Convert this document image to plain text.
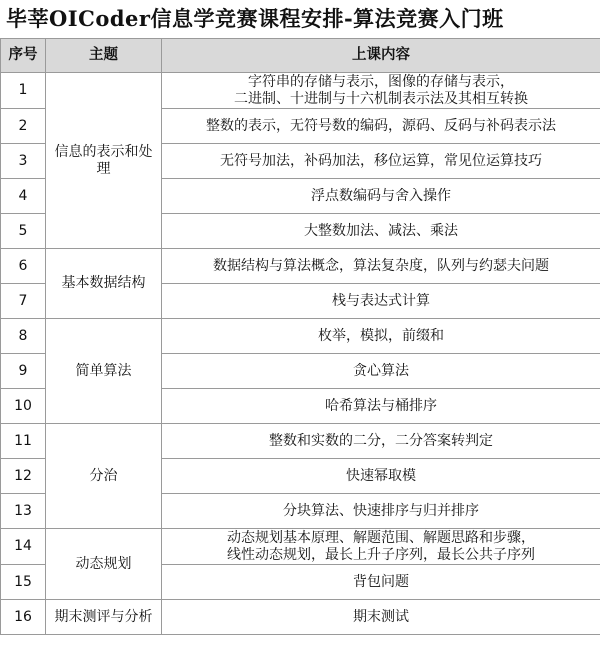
毕莘OICoder信息学竞赛课程安排-算法竞赛入门班
序号	主题	上课内容
1	信息的表示和处理	字符串的存储与表示，图像的存储与表示，
二进制、十进制与十六机制表示法及其相互转换

2		整数的表示，无符号数的编码，源码、反码与补码表示法
3		无符号加法，补码加法，移位运算，常见位运算技巧
4		浮点数编码与舍入操作
5		大整数加法、减法、乘法
6	基本数据结构	数据结构与算法概念，算法复杂度，队列与约瑟夫问题
7		栈与表达式计算
8	简单算法	枚举，模拟，前缀和
9		贪心算法
10		哈希算法与桶排序
11	分治	整数和实数的二分，二分答案转判定
12		快速幂取模
13		分块算法、快速排序与归并排序
14	动态规划	动态规划基本原理、解题范围、解题思路和步骤，
线性动态规划，最长上升子序列，最长公共子序列

15		背包问题
16	期末测评与分析	期末测试
